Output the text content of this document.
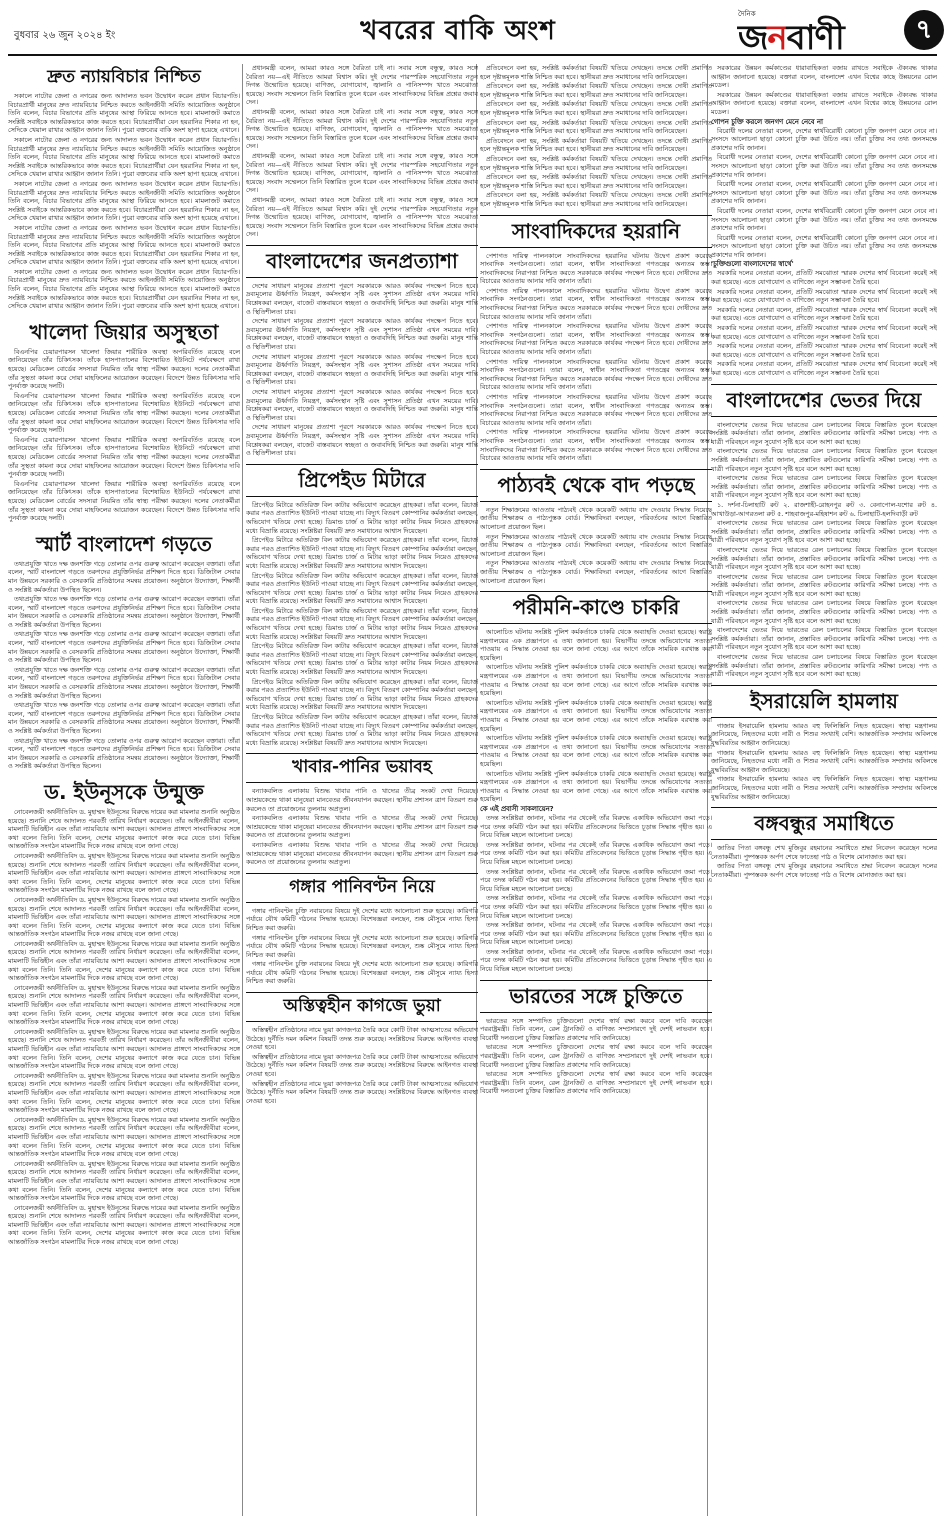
বুধবার ২৬ জুন ২০২৪ ইং	খবরের বাকি অংশ
দৈনিক
জনবাণী	৭
দ্রুত ন্যায়বিচার নিশ্চিত

সকালে নাটোর জেলা ও নগরের জন্য আদালত ভবন উদ্বোধন করেন প্রধান বিচারপতি। বিচারপ্রার্থী মানুষের দ্রুত ন্যায়বিচার নিশ্চিত করতে আইনজীবী সমিতি আয়োজিত অনুষ্ঠানে তিনি বলেন, বিচার বিভাগের প্রতি মানুষের আস্থা ফিরিয়ে আনতে হবে। মামলাজট কমাতে সংশ্লিষ্ট সবাইকে আন্তরিকভাবে কাজ করতে হবে। বিচারপ্রার্থীরা যেন হয়রানির শিকার না হন, সেদিকে খেয়াল রাখার আহ্বান জানান তিনি। পুরো বক্তব্যের বাকি অংশ ছাপা হয়েছে এখানে।

সকালে নাটোর জেলা ও নগরের জন্য আদালত ভবন উদ্বোধন করেন প্রধান বিচারপতি। বিচারপ্রার্থী মানুষের দ্রুত ন্যায়বিচার নিশ্চিত করতে আইনজীবী সমিতি আয়োজিত অনুষ্ঠানে তিনি বলেন, বিচার বিভাগের প্রতি মানুষের আস্থা ফিরিয়ে আনতে হবে। মামলাজট কমাতে সংশ্লিষ্ট সবাইকে আন্তরিকভাবে কাজ করতে হবে। বিচারপ্রার্থীরা যেন হয়রানির শিকার না হন, সেদিকে খেয়াল রাখার আহ্বান জানান তিনি। পুরো বক্তব্যের বাকি অংশ ছাপা হয়েছে এখানে।

সকালে নাটোর জেলা ও নগরের জন্য আদালত ভবন উদ্বোধন করেন প্রধান বিচারপতি। বিচারপ্রার্থী মানুষের দ্রুত ন্যায়বিচার নিশ্চিত করতে আইনজীবী সমিতি আয়োজিত অনুষ্ঠানে তিনি বলেন, বিচার বিভাগের প্রতি মানুষের আস্থা ফিরিয়ে আনতে হবে। মামলাজট কমাতে সংশ্লিষ্ট সবাইকে আন্তরিকভাবে কাজ করতে হবে। বিচারপ্রার্থীরা যেন হয়রানির শিকার না হন, সেদিকে খেয়াল রাখার আহ্বান জানান তিনি। পুরো বক্তব্যের বাকি অংশ ছাপা হয়েছে এখানে।

সকালে নাটোর জেলা ও নগরের জন্য আদালত ভবন উদ্বোধন করেন প্রধান বিচারপতি। বিচারপ্রার্থী মানুষের দ্রুত ন্যায়বিচার নিশ্চিত করতে আইনজীবী সমিতি আয়োজিত অনুষ্ঠানে তিনি বলেন, বিচার বিভাগের প্রতি মানুষের আস্থা ফিরিয়ে আনতে হবে। মামলাজট কমাতে সংশ্লিষ্ট সবাইকে আন্তরিকভাবে কাজ করতে হবে। বিচারপ্রার্থীরা যেন হয়রানির শিকার না হন, সেদিকে খেয়াল রাখার আহ্বান জানান তিনি। পুরো বক্তব্যের বাকি অংশ ছাপা হয়েছে এখানে।

সকালে নাটোর জেলা ও নগরের জন্য আদালত ভবন উদ্বোধন করেন প্রধান বিচারপতি। বিচারপ্রার্থী মানুষের দ্রুত ন্যায়বিচার নিশ্চিত করতে আইনজীবী সমিতি আয়োজিত অনুষ্ঠানে তিনি বলেন, বিচার বিভাগের প্রতি মানুষের আস্থা ফিরিয়ে আনতে হবে। মামলাজট কমাতে সংশ্লিষ্ট সবাইকে আন্তরিকভাবে কাজ করতে হবে। বিচারপ্রার্থীরা যেন হয়রানির শিকার না হন, সেদিকে খেয়াল রাখার আহ্বান জানান তিনি। পুরো বক্তব্যের বাকি অংশ ছাপা হয়েছে এখানে।

খালেদা জিয়ার অসুস্থতা

বিএনপির চেয়ারপারসন খালেদা জিয়ার শারীরিক অবস্থা অপরিবর্তিত রয়েছে বলে জানিয়েছেন তাঁর চিকিৎসক। তাঁকে হাসপাতালের বিশেষায়িত ইউনিটে পর্যবেক্ষণে রাখা হয়েছে। মেডিকেল বোর্ডের সদস্যরা নিয়মিত তাঁর স্বাস্থ্য পরীক্ষা করছেন। দলের নেতাকর্মীরা তাঁর সুস্থতা কামনা করে দোয়া মাহফিলের আয়োজন করেছেন। বিদেশে উন্নত চিকিৎসার দাবি পুনর্ব্যক্ত করেছে দলটি।

বিএনপির চেয়ারপারসন খালেদা জিয়ার শারীরিক অবস্থা অপরিবর্তিত রয়েছে বলে জানিয়েছেন তাঁর চিকিৎসক। তাঁকে হাসপাতালের বিশেষায়িত ইউনিটে পর্যবেক্ষণে রাখা হয়েছে। মেডিকেল বোর্ডের সদস্যরা নিয়মিত তাঁর স্বাস্থ্য পরীক্ষা করছেন। দলের নেতাকর্মীরা তাঁর সুস্থতা কামনা করে দোয়া মাহফিলের আয়োজন করেছেন। বিদেশে উন্নত চিকিৎসার দাবি পুনর্ব্যক্ত করেছে দলটি।

বিএনপির চেয়ারপারসন খালেদা জিয়ার শারীরিক অবস্থা অপরিবর্তিত রয়েছে বলে জানিয়েছেন তাঁর চিকিৎসক। তাঁকে হাসপাতালের বিশেষায়িত ইউনিটে পর্যবেক্ষণে রাখা হয়েছে। মেডিকেল বোর্ডের সদস্যরা নিয়মিত তাঁর স্বাস্থ্য পরীক্ষা করছেন। দলের নেতাকর্মীরা তাঁর সুস্থতা কামনা করে দোয়া মাহফিলের আয়োজন করেছেন। বিদেশে উন্নত চিকিৎসার দাবি পুনর্ব্যক্ত করেছে দলটি।

বিএনপির চেয়ারপারসন খালেদা জিয়ার শারীরিক অবস্থা অপরিবর্তিত রয়েছে বলে জানিয়েছেন তাঁর চিকিৎসক। তাঁকে হাসপাতালের বিশেষায়িত ইউনিটে পর্যবেক্ষণে রাখা হয়েছে। মেডিকেল বোর্ডের সদস্যরা নিয়মিত তাঁর স্বাস্থ্য পরীক্ষা করছেন। দলের নেতাকর্মীরা তাঁর সুস্থতা কামনা করে দোয়া মাহফিলের আয়োজন করেছেন। বিদেশে উন্নত চিকিৎসার দাবি পুনর্ব্যক্ত করেছে দলটি।

স্মার্ট বাংলাদেশ গড়তে

তথ্যপ্রযুক্তি খাতে দক্ষ জনশক্তি গড়ে তোলার ওপর গুরুত্ব আরোপ করেছেন বক্তারা। তাঁরা বলেন, স্মার্ট বাংলাদেশ গড়তে তরুণদের প্রযুক্তিনির্ভর প্রশিক্ষণ দিতে হবে। ডিজিটাল সেবার মান উন্নয়নে সরকারি ও বেসরকারি প্রতিষ্ঠানের সমন্বয় প্রয়োজন। অনুষ্ঠানে উদ্যোক্তা, শিক্ষার্থী ও সংশ্লিষ্ট কর্মকর্তারা উপস্থিত ছিলেন।

তথ্যপ্রযুক্তি খাতে দক্ষ জনশক্তি গড়ে তোলার ওপর গুরুত্ব আরোপ করেছেন বক্তারা। তাঁরা বলেন, স্মার্ট বাংলাদেশ গড়তে তরুণদের প্রযুক্তিনির্ভর প্রশিক্ষণ দিতে হবে। ডিজিটাল সেবার মান উন্নয়নে সরকারি ও বেসরকারি প্রতিষ্ঠানের সমন্বয় প্রয়োজন। অনুষ্ঠানে উদ্যোক্তা, শিক্ষার্থী ও সংশ্লিষ্ট কর্মকর্তারা উপস্থিত ছিলেন।

তথ্যপ্রযুক্তি খাতে দক্ষ জনশক্তি গড়ে তোলার ওপর গুরুত্ব আরোপ করেছেন বক্তারা। তাঁরা বলেন, স্মার্ট বাংলাদেশ গড়তে তরুণদের প্রযুক্তিনির্ভর প্রশিক্ষণ দিতে হবে। ডিজিটাল সেবার মান উন্নয়নে সরকারি ও বেসরকারি প্রতিষ্ঠানের সমন্বয় প্রয়োজন। অনুষ্ঠানে উদ্যোক্তা, শিক্ষার্থী ও সংশ্লিষ্ট কর্মকর্তারা উপস্থিত ছিলেন।

তথ্যপ্রযুক্তি খাতে দক্ষ জনশক্তি গড়ে তোলার ওপর গুরুত্ব আরোপ করেছেন বক্তারা। তাঁরা বলেন, স্মার্ট বাংলাদেশ গড়তে তরুণদের প্রযুক্তিনির্ভর প্রশিক্ষণ দিতে হবে। ডিজিটাল সেবার মান উন্নয়নে সরকারি ও বেসরকারি প্রতিষ্ঠানের সমন্বয় প্রয়োজন। অনুষ্ঠানে উদ্যোক্তা, শিক্ষার্থী ও সংশ্লিষ্ট কর্মকর্তারা উপস্থিত ছিলেন।

তথ্যপ্রযুক্তি খাতে দক্ষ জনশক্তি গড়ে তোলার ওপর গুরুত্ব আরোপ করেছেন বক্তারা। তাঁরা বলেন, স্মার্ট বাংলাদেশ গড়তে তরুণদের প্রযুক্তিনির্ভর প্রশিক্ষণ দিতে হবে। ডিজিটাল সেবার মান উন্নয়নে সরকারি ও বেসরকারি প্রতিষ্ঠানের সমন্বয় প্রয়োজন। অনুষ্ঠানে উদ্যোক্তা, শিক্ষার্থী ও সংশ্লিষ্ট কর্মকর্তারা উপস্থিত ছিলেন।

তথ্যপ্রযুক্তি খাতে দক্ষ জনশক্তি গড়ে তোলার ওপর গুরুত্ব আরোপ করেছেন বক্তারা। তাঁরা বলেন, স্মার্ট বাংলাদেশ গড়তে তরুণদের প্রযুক্তিনির্ভর প্রশিক্ষণ দিতে হবে। ডিজিটাল সেবার মান উন্নয়নে সরকারি ও বেসরকারি প্রতিষ্ঠানের সমন্বয় প্রয়োজন। অনুষ্ঠানে উদ্যোক্তা, শিক্ষার্থী ও সংশ্লিষ্ট কর্মকর্তারা উপস্থিত ছিলেন।

ড. ইউনূসকে উন্মুক্ত

নোবেলজয়ী অর্থনীতিবিদ ড. মুহাম্মদ ইউনূসের বিরুদ্ধে দায়ের করা মামলার শুনানি অনুষ্ঠিত হয়েছে। শুনানি শেষে আদালত পরবর্তী তারিখ নির্ধারণ করেছেন। তাঁর আইনজীবীরা বলেন, মামলাটি ভিত্তিহীন এবং তাঁরা ন্যায়বিচার আশা করছেন। আদালত প্রাঙ্গণে সাংবাদিকদের সঙ্গে কথা বলেন তিনি। তিনি বলেন, দেশের মানুষের কল্যাণে কাজ করে যেতে চান। বিভিন্ন আন্তর্জাতিক সংগঠন মামলাটির দিকে নজর রাখছে বলে জানা গেছে।

নোবেলজয়ী অর্থনীতিবিদ ড. মুহাম্মদ ইউনূসের বিরুদ্ধে দায়ের করা মামলার শুনানি অনুষ্ঠিত হয়েছে। শুনানি শেষে আদালত পরবর্তী তারিখ নির্ধারণ করেছেন। তাঁর আইনজীবীরা বলেন, মামলাটি ভিত্তিহীন এবং তাঁরা ন্যায়বিচার আশা করছেন। আদালত প্রাঙ্গণে সাংবাদিকদের সঙ্গে কথা বলেন তিনি। তিনি বলেন, দেশের মানুষের কল্যাণে কাজ করে যেতে চান। বিভিন্ন আন্তর্জাতিক সংগঠন মামলাটির দিকে নজর রাখছে বলে জানা গেছে।

নোবেলজয়ী অর্থনীতিবিদ ড. মুহাম্মদ ইউনূসের বিরুদ্ধে দায়ের করা মামলার শুনানি অনুষ্ঠিত হয়েছে। শুনানি শেষে আদালত পরবর্তী তারিখ নির্ধারণ করেছেন। তাঁর আইনজীবীরা বলেন, মামলাটি ভিত্তিহীন এবং তাঁরা ন্যায়বিচার আশা করছেন। আদালত প্রাঙ্গণে সাংবাদিকদের সঙ্গে কথা বলেন তিনি। তিনি বলেন, দেশের মানুষের কল্যাণে কাজ করে যেতে চান। বিভিন্ন আন্তর্জাতিক সংগঠন মামলাটির দিকে নজর রাখছে বলে জানা গেছে।

নোবেলজয়ী অর্থনীতিবিদ ড. মুহাম্মদ ইউনূসের বিরুদ্ধে দায়ের করা মামলার শুনানি অনুষ্ঠিত হয়েছে। শুনানি শেষে আদালত পরবর্তী তারিখ নির্ধারণ করেছেন। তাঁর আইনজীবীরা বলেন, মামলাটি ভিত্তিহীন এবং তাঁরা ন্যায়বিচার আশা করছেন। আদালত প্রাঙ্গণে সাংবাদিকদের সঙ্গে কথা বলেন তিনি। তিনি বলেন, দেশের মানুষের কল্যাণে কাজ করে যেতে চান। বিভিন্ন আন্তর্জাতিক সংগঠন মামলাটির দিকে নজর রাখছে বলে জানা গেছে।

নোবেলজয়ী অর্থনীতিবিদ ড. মুহাম্মদ ইউনূসের বিরুদ্ধে দায়ের করা মামলার শুনানি অনুষ্ঠিত হয়েছে। শুনানি শেষে আদালত পরবর্তী তারিখ নির্ধারণ করেছেন। তাঁর আইনজীবীরা বলেন, মামলাটি ভিত্তিহীন এবং তাঁরা ন্যায়বিচার আশা করছেন। আদালত প্রাঙ্গণে সাংবাদিকদের সঙ্গে কথা বলেন তিনি। তিনি বলেন, দেশের মানুষের কল্যাণে কাজ করে যেতে চান। বিভিন্ন আন্তর্জাতিক সংগঠন মামলাটির দিকে নজর রাখছে বলে জানা গেছে।

নোবেলজয়ী অর্থনীতিবিদ ড. মুহাম্মদ ইউনূসের বিরুদ্ধে দায়ের করা মামলার শুনানি অনুষ্ঠিত হয়েছে। শুনানি শেষে আদালত পরবর্তী তারিখ নির্ধারণ করেছেন। তাঁর আইনজীবীরা বলেন, মামলাটি ভিত্তিহীন এবং তাঁরা ন্যায়বিচার আশা করছেন। আদালত প্রাঙ্গণে সাংবাদিকদের সঙ্গে কথা বলেন তিনি। তিনি বলেন, দেশের মানুষের কল্যাণে কাজ করে যেতে চান। বিভিন্ন আন্তর্জাতিক সংগঠন মামলাটির দিকে নজর রাখছে বলে জানা গেছে।

নোবেলজয়ী অর্থনীতিবিদ ড. মুহাম্মদ ইউনূসের বিরুদ্ধে দায়ের করা মামলার শুনানি অনুষ্ঠিত হয়েছে। শুনানি শেষে আদালত পরবর্তী তারিখ নির্ধারণ করেছেন। তাঁর আইনজীবীরা বলেন, মামলাটি ভিত্তিহীন এবং তাঁরা ন্যায়বিচার আশা করছেন। আদালত প্রাঙ্গণে সাংবাদিকদের সঙ্গে কথা বলেন তিনি। তিনি বলেন, দেশের মানুষের কল্যাণে কাজ করে যেতে চান। বিভিন্ন আন্তর্জাতিক সংগঠন মামলাটির দিকে নজর রাখছে বলে জানা গেছে।

নোবেলজয়ী অর্থনীতিবিদ ড. মুহাম্মদ ইউনূসের বিরুদ্ধে দায়ের করা মামলার শুনানি অনুষ্ঠিত হয়েছে। শুনানি শেষে আদালত পরবর্তী তারিখ নির্ধারণ করেছেন। তাঁর আইনজীবীরা বলেন, মামলাটি ভিত্তিহীন এবং তাঁরা ন্যায়বিচার আশা করছেন। আদালত প্রাঙ্গণে সাংবাদিকদের সঙ্গে কথা বলেন তিনি। তিনি বলেন, দেশের মানুষের কল্যাণে কাজ করে যেতে চান। বিভিন্ন আন্তর্জাতিক সংগঠন মামলাটির দিকে নজর রাখছে বলে জানা গেছে।

নোবেলজয়ী অর্থনীতিবিদ ড. মুহাম্মদ ইউনূসের বিরুদ্ধে দায়ের করা মামলার শুনানি অনুষ্ঠিত হয়েছে। শুনানি শেষে আদালত পরবর্তী তারিখ নির্ধারণ করেছেন। তাঁর আইনজীবীরা বলেন, মামলাটি ভিত্তিহীন এবং তাঁরা ন্যায়বিচার আশা করছেন। আদালত প্রাঙ্গণে সাংবাদিকদের সঙ্গে কথা বলেন তিনি। তিনি বলেন, দেশের মানুষের কল্যাণে কাজ করে যেতে চান। বিভিন্ন আন্তর্জাতিক সংগঠন মামলাটির দিকে নজর রাখছে বলে জানা গেছে।

নোবেলজয়ী অর্থনীতিবিদ ড. মুহাম্মদ ইউনূসের বিরুদ্ধে দায়ের করা মামলার শুনানি অনুষ্ঠিত হয়েছে। শুনানি শেষে আদালত পরবর্তী তারিখ নির্ধারণ করেছেন। তাঁর আইনজীবীরা বলেন, মামলাটি ভিত্তিহীন এবং তাঁরা ন্যায়বিচার আশা করছেন। আদালত প্রাঙ্গণে সাংবাদিকদের সঙ্গে কথা বলেন তিনি। তিনি বলেন, দেশের মানুষের কল্যাণে কাজ করে যেতে চান। বিভিন্ন আন্তর্জাতিক সংগঠন মামলাটির দিকে নজর রাখছে বলে জানা গেছে।

প্রধানমন্ত্রী বলেন, আমরা কারও সঙ্গে বৈরিতা চাই না। সবার সঙ্গে বন্ধুত্ব, কারও সঙ্গে বৈরিতা নয়—এই নীতিতে আমরা বিশ্বাস করি। দুই দেশের পারস্পরিক সহযোগিতার নতুন দিগন্ত উন্মোচিত হয়েছে। বাণিজ্য, যোগাযোগ, জ্বালানি ও পানিসম্পদ খাতে সমঝোতা হয়েছে। সংবাদ সম্মেলনে তিনি বিস্তারিত তুলে ধরেন এবং সাংবাদিকদের বিভিন্ন প্রশ্নের জবাব দেন।

প্রধানমন্ত্রী বলেন, আমরা কারও সঙ্গে বৈরিতা চাই না। সবার সঙ্গে বন্ধুত্ব, কারও সঙ্গে বৈরিতা নয়—এই নীতিতে আমরা বিশ্বাস করি। দুই দেশের পারস্পরিক সহযোগিতার নতুন দিগন্ত উন্মোচিত হয়েছে। বাণিজ্য, যোগাযোগ, জ্বালানি ও পানিসম্পদ খাতে সমঝোতা হয়েছে। সংবাদ সম্মেলনে তিনি বিস্তারিত তুলে ধরেন এবং সাংবাদিকদের বিভিন্ন প্রশ্নের জবাব দেন।

প্রধানমন্ত্রী বলেন, আমরা কারও সঙ্গে বৈরিতা চাই না। সবার সঙ্গে বন্ধুত্ব, কারও সঙ্গে বৈরিতা নয়—এই নীতিতে আমরা বিশ্বাস করি। দুই দেশের পারস্পরিক সহযোগিতার নতুন দিগন্ত উন্মোচিত হয়েছে। বাণিজ্য, যোগাযোগ, জ্বালানি ও পানিসম্পদ খাতে সমঝোতা হয়েছে। সংবাদ সম্মেলনে তিনি বিস্তারিত তুলে ধরেন এবং সাংবাদিকদের বিভিন্ন প্রশ্নের জবাব দেন।

প্রধানমন্ত্রী বলেন, আমরা কারও সঙ্গে বৈরিতা চাই না। সবার সঙ্গে বন্ধুত্ব, কারও সঙ্গে বৈরিতা নয়—এই নীতিতে আমরা বিশ্বাস করি। দুই দেশের পারস্পরিক সহযোগিতার নতুন দিগন্ত উন্মোচিত হয়েছে। বাণিজ্য, যোগাযোগ, জ্বালানি ও পানিসম্পদ খাতে সমঝোতা হয়েছে। সংবাদ সম্মেলনে তিনি বিস্তারিত তুলে ধরেন এবং সাংবাদিকদের বিভিন্ন প্রশ্নের জবাব দেন।

বাংলাদেশের জনপ্রত্যাশা

দেশের সাধারণ মানুষের প্রত্যাশা পূরণে সরকারকে আরও কার্যকর পদক্ষেপ নিতে হবে। দ্রব্যমূল্যের ঊর্ধ্বগতি নিয়ন্ত্রণ, কর্মসংস্থান সৃষ্টি এবং সুশাসন প্রতিষ্ঠা এখন সময়ের দাবি। বিশ্লেষকরা বলছেন, বাজেট বাস্তবায়নে স্বচ্ছতা ও জবাবদিহি নিশ্চিত করা জরুরি। মানুষ শান্তি ও স্থিতিশীলতা চায়।

দেশের সাধারণ মানুষের প্রত্যাশা পূরণে সরকারকে আরও কার্যকর পদক্ষেপ নিতে হবে। দ্রব্যমূল্যের ঊর্ধ্বগতি নিয়ন্ত্রণ, কর্মসংস্থান সৃষ্টি এবং সুশাসন প্রতিষ্ঠা এখন সময়ের দাবি। বিশ্লেষকরা বলছেন, বাজেট বাস্তবায়নে স্বচ্ছতা ও জবাবদিহি নিশ্চিত করা জরুরি। মানুষ শান্তি ও স্থিতিশীলতা চায়।

দেশের সাধারণ মানুষের প্রত্যাশা পূরণে সরকারকে আরও কার্যকর পদক্ষেপ নিতে হবে। দ্রব্যমূল্যের ঊর্ধ্বগতি নিয়ন্ত্রণ, কর্মসংস্থান সৃষ্টি এবং সুশাসন প্রতিষ্ঠা এখন সময়ের দাবি। বিশ্লেষকরা বলছেন, বাজেট বাস্তবায়নে স্বচ্ছতা ও জবাবদিহি নিশ্চিত করা জরুরি। মানুষ শান্তি ও স্থিতিশীলতা চায়।

দেশের সাধারণ মানুষের প্রত্যাশা পূরণে সরকারকে আরও কার্যকর পদক্ষেপ নিতে হবে। দ্রব্যমূল্যের ঊর্ধ্বগতি নিয়ন্ত্রণ, কর্মসংস্থান সৃষ্টি এবং সুশাসন প্রতিষ্ঠা এখন সময়ের দাবি। বিশ্লেষকরা বলছেন, বাজেট বাস্তবায়নে স্বচ্ছতা ও জবাবদিহি নিশ্চিত করা জরুরি। মানুষ শান্তি ও স্থিতিশীলতা চায়।

দেশের সাধারণ মানুষের প্রত্যাশা পূরণে সরকারকে আরও কার্যকর পদক্ষেপ নিতে হবে। দ্রব্যমূল্যের ঊর্ধ্বগতি নিয়ন্ত্রণ, কর্মসংস্থান সৃষ্টি এবং সুশাসন প্রতিষ্ঠা এখন সময়ের দাবি। বিশ্লেষকরা বলছেন, বাজেট বাস্তবায়নে স্বচ্ছতা ও জবাবদিহি নিশ্চিত করা জরুরি। মানুষ শান্তি ও স্থিতিশীলতা চায়।

প্রিপেইড মিটারে

প্রিপেইড মিটারে অতিরিক্ত বিল কাটার অভিযোগ করেছেন গ্রাহকরা। তাঁরা বলেন, রিচার্জ করার পরও প্রত্যাশিত ইউনিট পাওয়া যাচ্ছে না। বিদ্যুৎ বিতরণ কোম্পানির কর্মকর্তারা বলছেন, অভিযোগ খতিয়ে দেখা হচ্ছে। ডিমান্ড চার্জ ও মিটার ভাড়া কাটার নিয়ম নিয়েও গ্রাহকদের মধ্যে বিভ্রান্তি রয়েছে। সংশ্লিষ্টরা বিষয়টি দ্রুত সমাধানের আশ্বাস দিয়েছেন।

প্রিপেইড মিটারে অতিরিক্ত বিল কাটার অভিযোগ করেছেন গ্রাহকরা। তাঁরা বলেন, রিচার্জ করার পরও প্রত্যাশিত ইউনিট পাওয়া যাচ্ছে না। বিদ্যুৎ বিতরণ কোম্পানির কর্মকর্তারা বলছেন, অভিযোগ খতিয়ে দেখা হচ্ছে। ডিমান্ড চার্জ ও মিটার ভাড়া কাটার নিয়ম নিয়েও গ্রাহকদের মধ্যে বিভ্রান্তি রয়েছে। সংশ্লিষ্টরা বিষয়টি দ্রুত সমাধানের আশ্বাস দিয়েছেন।

প্রিপেইড মিটারে অতিরিক্ত বিল কাটার অভিযোগ করেছেন গ্রাহকরা। তাঁরা বলেন, রিচার্জ করার পরও প্রত্যাশিত ইউনিট পাওয়া যাচ্ছে না। বিদ্যুৎ বিতরণ কোম্পানির কর্মকর্তারা বলছেন, অভিযোগ খতিয়ে দেখা হচ্ছে। ডিমান্ড চার্জ ও মিটার ভাড়া কাটার নিয়ম নিয়েও গ্রাহকদের মধ্যে বিভ্রান্তি রয়েছে। সংশ্লিষ্টরা বিষয়টি দ্রুত সমাধানের আশ্বাস দিয়েছেন।

প্রিপেইড মিটারে অতিরিক্ত বিল কাটার অভিযোগ করেছেন গ্রাহকরা। তাঁরা বলেন, রিচার্জ করার পরও প্রত্যাশিত ইউনিট পাওয়া যাচ্ছে না। বিদ্যুৎ বিতরণ কোম্পানির কর্মকর্তারা বলছেন, অভিযোগ খতিয়ে দেখা হচ্ছে। ডিমান্ড চার্জ ও মিটার ভাড়া কাটার নিয়ম নিয়েও গ্রাহকদের মধ্যে বিভ্রান্তি রয়েছে। সংশ্লিষ্টরা বিষয়টি দ্রুত সমাধানের আশ্বাস দিয়েছেন।

প্রিপেইড মিটারে অতিরিক্ত বিল কাটার অভিযোগ করেছেন গ্রাহকরা। তাঁরা বলেন, রিচার্জ করার পরও প্রত্যাশিত ইউনিট পাওয়া যাচ্ছে না। বিদ্যুৎ বিতরণ কোম্পানির কর্মকর্তারা বলছেন, অভিযোগ খতিয়ে দেখা হচ্ছে। ডিমান্ড চার্জ ও মিটার ভাড়া কাটার নিয়ম নিয়েও গ্রাহকদের মধ্যে বিভ্রান্তি রয়েছে। সংশ্লিষ্টরা বিষয়টি দ্রুত সমাধানের আশ্বাস দিয়েছেন।

প্রিপেইড মিটারে অতিরিক্ত বিল কাটার অভিযোগ করেছেন গ্রাহকরা। তাঁরা বলেন, রিচার্জ করার পরও প্রত্যাশিত ইউনিট পাওয়া যাচ্ছে না। বিদ্যুৎ বিতরণ কোম্পানির কর্মকর্তারা বলছেন, অভিযোগ খতিয়ে দেখা হচ্ছে। ডিমান্ড চার্জ ও মিটার ভাড়া কাটার নিয়ম নিয়েও গ্রাহকদের মধ্যে বিভ্রান্তি রয়েছে। সংশ্লিষ্টরা বিষয়টি দ্রুত সমাধানের আশ্বাস দিয়েছেন।

প্রিপেইড মিটারে অতিরিক্ত বিল কাটার অভিযোগ করেছেন গ্রাহকরা। তাঁরা বলেন, রিচার্জ করার পরও প্রত্যাশিত ইউনিট পাওয়া যাচ্ছে না। বিদ্যুৎ বিতরণ কোম্পানির কর্মকর্তারা বলছেন, অভিযোগ খতিয়ে দেখা হচ্ছে। ডিমান্ড চার্জ ও মিটার ভাড়া কাটার নিয়ম নিয়েও গ্রাহকদের মধ্যে বিভ্রান্তি রয়েছে। সংশ্লিষ্টরা বিষয়টি দ্রুত সমাধানের আশ্বাস দিয়েছেন।

খাবার-পানির ভয়াবহ

বন্যাকবলিত এলাকায় বিশুদ্ধ খাবার পানি ও খাদ্যের তীব্র সংকট দেখা দিয়েছে। আশ্রয়কেন্দ্রে থাকা মানুষেরা মানবেতর জীবনযাপন করছেন। স্থানীয় প্রশাসন ত্রাণ বিতরণ শুরু করলেও তা প্রয়োজনের তুলনায় অপ্রতুল।

বন্যাকবলিত এলাকায় বিশুদ্ধ খাবার পানি ও খাদ্যের তীব্র সংকট দেখা দিয়েছে। আশ্রয়কেন্দ্রে থাকা মানুষেরা মানবেতর জীবনযাপন করছেন। স্থানীয় প্রশাসন ত্রাণ বিতরণ শুরু করলেও তা প্রয়োজনের তুলনায় অপ্রতুল।

বন্যাকবলিত এলাকায় বিশুদ্ধ খাবার পানি ও খাদ্যের তীব্র সংকট দেখা দিয়েছে। আশ্রয়কেন্দ্রে থাকা মানুষেরা মানবেতর জীবনযাপন করছেন। স্থানীয় প্রশাসন ত্রাণ বিতরণ শুরু করলেও তা প্রয়োজনের তুলনায় অপ্রতুল।

গঙ্গার পানিবণ্টন নিয়ে

গঙ্গার পানিবণ্টন চুক্তি নবায়নের বিষয়ে দুই দেশের মধ্যে আলোচনা শুরু হয়েছে। কারিগরি পর্যায়ে যৌথ কমিটি গঠনের সিদ্ধান্ত হয়েছে। বিশেষজ্ঞরা বলছেন, শুষ্ক মৌসুমে ন্যায্য হিস্যা নিশ্চিত করা জরুরি।

গঙ্গার পানিবণ্টন চুক্তি নবায়নের বিষয়ে দুই দেশের মধ্যে আলোচনা শুরু হয়েছে। কারিগরি পর্যায়ে যৌথ কমিটি গঠনের সিদ্ধান্ত হয়েছে। বিশেষজ্ঞরা বলছেন, শুষ্ক মৌসুমে ন্যায্য হিস্যা নিশ্চিত করা জরুরি।

গঙ্গার পানিবণ্টন চুক্তি নবায়নের বিষয়ে দুই দেশের মধ্যে আলোচনা শুরু হয়েছে। কারিগরি পর্যায়ে যৌথ কমিটি গঠনের সিদ্ধান্ত হয়েছে। বিশেষজ্ঞরা বলছেন, শুষ্ক মৌসুমে ন্যায্য হিস্যা নিশ্চিত করা জরুরি।

অস্তিত্বহীন কাগজে ভুয়া

অস্তিত্বহীন প্রতিষ্ঠানের নামে ভুয়া কাগজপত্র তৈরি করে কোটি টাকা আত্মসাতের অভিযোগ উঠেছে। দুর্নীতি দমন কমিশন বিষয়টি তদন্ত শুরু করেছে। সংশ্লিষ্টদের বিরুদ্ধে আইনগত ব্যবস্থা নেওয়া হবে।

অস্তিত্বহীন প্রতিষ্ঠানের নামে ভুয়া কাগজপত্র তৈরি করে কোটি টাকা আত্মসাতের অভিযোগ উঠেছে। দুর্নীতি দমন কমিশন বিষয়টি তদন্ত শুরু করেছে। সংশ্লিষ্টদের বিরুদ্ধে আইনগত ব্যবস্থা নেওয়া হবে।

অস্তিত্বহীন প্রতিষ্ঠানের নামে ভুয়া কাগজপত্র তৈরি করে কোটি টাকা আত্মসাতের অভিযোগ উঠেছে। দুর্নীতি দমন কমিশন বিষয়টি তদন্ত শুরু করেছে। সংশ্লিষ্টদের বিরুদ্ধে আইনগত ব্যবস্থা নেওয়া হবে।

প্রতিবেদনে বলা হয়, সংশ্লিষ্ট কর্মকর্তারা বিষয়টি খতিয়ে দেখছেন। তদন্তে দোষী প্রমাণিত হলে দৃষ্টান্তমূলক শাস্তি নিশ্চিত করা হবে। স্থানীয়রা দ্রুত সমাধানের দাবি জানিয়েছেন।

প্রতিবেদনে বলা হয়, সংশ্লিষ্ট কর্মকর্তারা বিষয়টি খতিয়ে দেখছেন। তদন্তে দোষী প্রমাণিত হলে দৃষ্টান্তমূলক শাস্তি নিশ্চিত করা হবে। স্থানীয়রা দ্রুত সমাধানের দাবি জানিয়েছেন।

প্রতিবেদনে বলা হয়, সংশ্লিষ্ট কর্মকর্তারা বিষয়টি খতিয়ে দেখছেন। তদন্তে দোষী প্রমাণিত হলে দৃষ্টান্তমূলক শাস্তি নিশ্চিত করা হবে। স্থানীয়রা দ্রুত সমাধানের দাবি জানিয়েছেন।

প্রতিবেদনে বলা হয়, সংশ্লিষ্ট কর্মকর্তারা বিষয়টি খতিয়ে দেখছেন। তদন্তে দোষী প্রমাণিত হলে দৃষ্টান্তমূলক শাস্তি নিশ্চিত করা হবে। স্থানীয়রা দ্রুত সমাধানের দাবি জানিয়েছেন।

প্রতিবেদনে বলা হয়, সংশ্লিষ্ট কর্মকর্তারা বিষয়টি খতিয়ে দেখছেন। তদন্তে দোষী প্রমাণিত হলে দৃষ্টান্তমূলক শাস্তি নিশ্চিত করা হবে। স্থানীয়রা দ্রুত সমাধানের দাবি জানিয়েছেন।

প্রতিবেদনে বলা হয়, সংশ্লিষ্ট কর্মকর্তারা বিষয়টি খতিয়ে দেখছেন। তদন্তে দোষী প্রমাণিত হলে দৃষ্টান্তমূলক শাস্তি নিশ্চিত করা হবে। স্থানীয়রা দ্রুত সমাধানের দাবি জানিয়েছেন।

প্রতিবেদনে বলা হয়, সংশ্লিষ্ট কর্মকর্তারা বিষয়টি খতিয়ে দেখছেন। তদন্তে দোষী প্রমাণিত হলে দৃষ্টান্তমূলক শাস্তি নিশ্চিত করা হবে। স্থানীয়রা দ্রুত সমাধানের দাবি জানিয়েছেন।

প্রতিবেদনে বলা হয়, সংশ্লিষ্ট কর্মকর্তারা বিষয়টি খতিয়ে দেখছেন। তদন্তে দোষী প্রমাণিত হলে দৃষ্টান্তমূলক শাস্তি নিশ্চিত করা হবে। স্থানীয়রা দ্রুত সমাধানের দাবি জানিয়েছেন।

সাংবাদিকদের হয়রানি

পেশাগত দায়িত্ব পালনকালে সাংবাদিকদের হয়রানির ঘটনায় উদ্বেগ প্রকাশ করেছে সাংবাদিক সংগঠনগুলো। তারা বলেন, স্বাধীন সাংবাদিকতা গণতন্ত্রের অন্যতম স্তম্ভ। সাংবাদিকদের নিরাপত্তা নিশ্চিত করতে সরকারকে কার্যকর পদক্ষেপ নিতে হবে। দোষীদের দ্রুত বিচারের আওতায় আনার দাবি জানান তাঁরা।

পেশাগত দায়িত্ব পালনকালে সাংবাদিকদের হয়রানির ঘটনায় উদ্বেগ প্রকাশ করেছে সাংবাদিক সংগঠনগুলো। তারা বলেন, স্বাধীন সাংবাদিকতা গণতন্ত্রের অন্যতম স্তম্ভ। সাংবাদিকদের নিরাপত্তা নিশ্চিত করতে সরকারকে কার্যকর পদক্ষেপ নিতে হবে। দোষীদের দ্রুত বিচারের আওতায় আনার দাবি জানান তাঁরা।

পেশাগত দায়িত্ব পালনকালে সাংবাদিকদের হয়রানির ঘটনায় উদ্বেগ প্রকাশ করেছে সাংবাদিক সংগঠনগুলো। তারা বলেন, স্বাধীন সাংবাদিকতা গণতন্ত্রের অন্যতম স্তম্ভ। সাংবাদিকদের নিরাপত্তা নিশ্চিত করতে সরকারকে কার্যকর পদক্ষেপ নিতে হবে। দোষীদের দ্রুত বিচারের আওতায় আনার দাবি জানান তাঁরা।

পেশাগত দায়িত্ব পালনকালে সাংবাদিকদের হয়রানির ঘটনায় উদ্বেগ প্রকাশ করেছে সাংবাদিক সংগঠনগুলো। তারা বলেন, স্বাধীন সাংবাদিকতা গণতন্ত্রের অন্যতম স্তম্ভ। সাংবাদিকদের নিরাপত্তা নিশ্চিত করতে সরকারকে কার্যকর পদক্ষেপ নিতে হবে। দোষীদের দ্রুত বিচারের আওতায় আনার দাবি জানান তাঁরা।

পেশাগত দায়িত্ব পালনকালে সাংবাদিকদের হয়রানির ঘটনায় উদ্বেগ প্রকাশ করেছে সাংবাদিক সংগঠনগুলো। তারা বলেন, স্বাধীন সাংবাদিকতা গণতন্ত্রের অন্যতম স্তম্ভ। সাংবাদিকদের নিরাপত্তা নিশ্চিত করতে সরকারকে কার্যকর পদক্ষেপ নিতে হবে। দোষীদের দ্রুত বিচারের আওতায় আনার দাবি জানান তাঁরা।

পেশাগত দায়িত্ব পালনকালে সাংবাদিকদের হয়রানির ঘটনায় উদ্বেগ প্রকাশ করেছে সাংবাদিক সংগঠনগুলো। তারা বলেন, স্বাধীন সাংবাদিকতা গণতন্ত্রের অন্যতম স্তম্ভ। সাংবাদিকদের নিরাপত্তা নিশ্চিত করতে সরকারকে কার্যকর পদক্ষেপ নিতে হবে। দোষীদের দ্রুত বিচারের আওতায় আনার দাবি জানান তাঁরা।

পাঠ্যবই থেকে বাদ পড়ছে

নতুন শিক্ষাক্রমের আওতায় পাঠ্যবই থেকে কয়েকটি অধ্যায় বাদ দেওয়ার সিদ্ধান্ত নিয়েছে জাতীয় শিক্ষাক্রম ও পাঠ্যপুস্তক বোর্ড। শিক্ষাবিদরা বলছেন, পরিবর্তনের আগে বিস্তারিত আলোচনা প্রয়োজন ছিল।

নতুন শিক্ষাক্রমের আওতায় পাঠ্যবই থেকে কয়েকটি অধ্যায় বাদ দেওয়ার সিদ্ধান্ত নিয়েছে জাতীয় শিক্ষাক্রম ও পাঠ্যপুস্তক বোর্ড। শিক্ষাবিদরা বলছেন, পরিবর্তনের আগে বিস্তারিত আলোচনা প্রয়োজন ছিল।

নতুন শিক্ষাক্রমের আওতায় পাঠ্যবই থেকে কয়েকটি অধ্যায় বাদ দেওয়ার সিদ্ধান্ত নিয়েছে জাতীয় শিক্ষাক্রম ও পাঠ্যপুস্তক বোর্ড। শিক্ষাবিদরা বলছেন, পরিবর্তনের আগে বিস্তারিত আলোচনা প্রয়োজন ছিল।

পরীমনি-কাণ্ডে চাকরি

আলোচিত ঘটনায় সংশ্লিষ্ট পুলিশ কর্মকর্তাকে চাকরি থেকে অব্যাহতি দেওয়া হয়েছে। স্বরাষ্ট্র মন্ত্রণালয়ের এক প্রজ্ঞাপনে এ তথ্য জানানো হয়। বিভাগীয় তদন্তে অভিযোগের সত্যতা পাওয়ায় এ সিদ্ধান্ত নেওয়া হয় বলে জানা গেছে। এর আগে তাঁকে সাময়িক বরখাস্ত করা হয়েছিল।

আলোচিত ঘটনায় সংশ্লিষ্ট পুলিশ কর্মকর্তাকে চাকরি থেকে অব্যাহতি দেওয়া হয়েছে। স্বরাষ্ট্র মন্ত্রণালয়ের এক প্রজ্ঞাপনে এ তথ্য জানানো হয়। বিভাগীয় তদন্তে অভিযোগের সত্যতা পাওয়ায় এ সিদ্ধান্ত নেওয়া হয় বলে জানা গেছে। এর আগে তাঁকে সাময়িক বরখাস্ত করা হয়েছিল।

আলোচিত ঘটনায় সংশ্লিষ্ট পুলিশ কর্মকর্তাকে চাকরি থেকে অব্যাহতি দেওয়া হয়েছে। স্বরাষ্ট্র মন্ত্রণালয়ের এক প্রজ্ঞাপনে এ তথ্য জানানো হয়। বিভাগীয় তদন্তে অভিযোগের সত্যতা পাওয়ায় এ সিদ্ধান্ত নেওয়া হয় বলে জানা গেছে। এর আগে তাঁকে সাময়িক বরখাস্ত করা হয়েছিল।

আলোচিত ঘটনায় সংশ্লিষ্ট পুলিশ কর্মকর্তাকে চাকরি থেকে অব্যাহতি দেওয়া হয়েছে। স্বরাষ্ট্র মন্ত্রণালয়ের এক প্রজ্ঞাপনে এ তথ্য জানানো হয়। বিভাগীয় তদন্তে অভিযোগের সত্যতা পাওয়ায় এ সিদ্ধান্ত নেওয়া হয় বলে জানা গেছে। এর আগে তাঁকে সাময়িক বরখাস্ত করা হয়েছিল।

আলোচিত ঘটনায় সংশ্লিষ্ট পুলিশ কর্মকর্তাকে চাকরি থেকে অব্যাহতি দেওয়া হয়েছে। স্বরাষ্ট্র মন্ত্রণালয়ের এক প্রজ্ঞাপনে এ তথ্য জানানো হয়। বিভাগীয় তদন্তে অভিযোগের সত্যতা পাওয়ায় এ সিদ্ধান্ত নেওয়া হয় বলে জানা গেছে। এর আগে তাঁকে সাময়িক বরখাস্ত করা হয়েছিল।

কে এই প্রবাসী সাকলায়েন?

তদন্ত সংশ্লিষ্টরা জানান, ঘটনার পর থেকেই তাঁর বিরুদ্ধে একাধিক অভিযোগ জমা পড়ে। পরে তদন্ত কমিটি গঠন করা হয়। কমিটির প্রতিবেদনের ভিত্তিতে চূড়ান্ত সিদ্ধান্ত গৃহীত হয়। এ নিয়ে বিভিন্ন মহলে আলোচনা চলছে।

তদন্ত সংশ্লিষ্টরা জানান, ঘটনার পর থেকেই তাঁর বিরুদ্ধে একাধিক অভিযোগ জমা পড়ে। পরে তদন্ত কমিটি গঠন করা হয়। কমিটির প্রতিবেদনের ভিত্তিতে চূড়ান্ত সিদ্ধান্ত গৃহীত হয়। এ নিয়ে বিভিন্ন মহলে আলোচনা চলছে।

তদন্ত সংশ্লিষ্টরা জানান, ঘটনার পর থেকেই তাঁর বিরুদ্ধে একাধিক অভিযোগ জমা পড়ে। পরে তদন্ত কমিটি গঠন করা হয়। কমিটির প্রতিবেদনের ভিত্তিতে চূড়ান্ত সিদ্ধান্ত গৃহীত হয়। এ নিয়ে বিভিন্ন মহলে আলোচনা চলছে।

তদন্ত সংশ্লিষ্টরা জানান, ঘটনার পর থেকেই তাঁর বিরুদ্ধে একাধিক অভিযোগ জমা পড়ে। পরে তদন্ত কমিটি গঠন করা হয়। কমিটির প্রতিবেদনের ভিত্তিতে চূড়ান্ত সিদ্ধান্ত গৃহীত হয়। এ নিয়ে বিভিন্ন মহলে আলোচনা চলছে।

তদন্ত সংশ্লিষ্টরা জানান, ঘটনার পর থেকেই তাঁর বিরুদ্ধে একাধিক অভিযোগ জমা পড়ে। পরে তদন্ত কমিটি গঠন করা হয়। কমিটির প্রতিবেদনের ভিত্তিতে চূড়ান্ত সিদ্ধান্ত গৃহীত হয়। এ নিয়ে বিভিন্ন মহলে আলোচনা চলছে।

তদন্ত সংশ্লিষ্টরা জানান, ঘটনার পর থেকেই তাঁর বিরুদ্ধে একাধিক অভিযোগ জমা পড়ে। পরে তদন্ত কমিটি গঠন করা হয়। কমিটির প্রতিবেদনের ভিত্তিতে চূড়ান্ত সিদ্ধান্ত গৃহীত হয়। এ নিয়ে বিভিন্ন মহলে আলোচনা চলছে।

ভারতের সঙ্গে চুক্তিতে

ভারতের সঙ্গে সম্পাদিত চুক্তিগুলো দেশের স্বার্থ রক্ষা করবে বলে দাবি করেছেন পররাষ্ট্রমন্ত্রী। তিনি বলেন, রেল ট্রানজিট ও বাণিজ্য সম্প্রসারণে দুই দেশই লাভবান হবে। বিরোধী দলগুলো চুক্তির বিস্তারিত প্রকাশের দাবি জানিয়েছে।

ভারতের সঙ্গে সম্পাদিত চুক্তিগুলো দেশের স্বার্থ রক্ষা করবে বলে দাবি করেছেন পররাষ্ট্রমন্ত্রী। তিনি বলেন, রেল ট্রানজিট ও বাণিজ্য সম্প্রসারণে দুই দেশই লাভবান হবে। বিরোধী দলগুলো চুক্তির বিস্তারিত প্রকাশের দাবি জানিয়েছে।

ভারতের সঙ্গে সম্পাদিত চুক্তিগুলো দেশের স্বার্থ রক্ষা করবে বলে দাবি করেছেন পররাষ্ট্রমন্ত্রী। তিনি বলেন, রেল ট্রানজিট ও বাণিজ্য সম্প্রসারণে দুই দেশই লাভবান হবে। বিরোধী দলগুলো চুক্তির বিস্তারিত প্রকাশের দাবি জানিয়েছে।

সরকারের উন্নয়ন কর্মকাণ্ডের ধারাবাহিকতা বজায় রাখতে সবাইকে ঐক্যবদ্ধ থাকার আহ্বান জানানো হয়েছে। বক্তারা বলেন, বাংলাদেশ এখন বিশ্বের কাছে উন্নয়নের রোল মডেল।

সরকারের উন্নয়ন কর্মকাণ্ডের ধারাবাহিকতা বজায় রাখতে সবাইকে ঐক্যবদ্ধ থাকার আহ্বান জানানো হয়েছে। বক্তারা বলেন, বাংলাদেশ এখন বিশ্বের কাছে উন্নয়নের রোল মডেল।

গোপন চুক্তি করলে জনগণ মেনে নেবে না

বিরোধী দলের নেতারা বলেন, দেশের স্বার্থবিরোধী কোনো চুক্তি জনগণ মেনে নেবে না। সংসদে আলোচনা ছাড়া কোনো চুক্তি করা উচিত নয়। তাঁরা চুক্তির সব তথ্য জনসমক্ষে প্রকাশের দাবি জানান।

বিরোধী দলের নেতারা বলেন, দেশের স্বার্থবিরোধী কোনো চুক্তি জনগণ মেনে নেবে না। সংসদে আলোচনা ছাড়া কোনো চুক্তি করা উচিত নয়। তাঁরা চুক্তির সব তথ্য জনসমক্ষে প্রকাশের দাবি জানান।

বিরোধী দলের নেতারা বলেন, দেশের স্বার্থবিরোধী কোনো চুক্তি জনগণ মেনে নেবে না। সংসদে আলোচনা ছাড়া কোনো চুক্তি করা উচিত নয়। তাঁরা চুক্তির সব তথ্য জনসমক্ষে প্রকাশের দাবি জানান।

বিরোধী দলের নেতারা বলেন, দেশের স্বার্থবিরোধী কোনো চুক্তি জনগণ মেনে নেবে না। সংসদে আলোচনা ছাড়া কোনো চুক্তি করা উচিত নয়। তাঁরা চুক্তির সব তথ্য জনসমক্ষে প্রকাশের দাবি জানান।

বিরোধী দলের নেতারা বলেন, দেশের স্বার্থবিরোধী কোনো চুক্তি জনগণ মেনে নেবে না। সংসদে আলোচনা ছাড়া কোনো চুক্তি করা উচিত নয়। তাঁরা চুক্তির সব তথ্য জনসমক্ষে প্রকাশের দাবি জানান।

'চুক্তিগুলো বাংলাদেশের স্বার্থে'

সরকারি দলের নেতারা বলেন, প্রতিটি সমঝোতা স্মারক দেশের স্বার্থ বিবেচনা করেই সই করা হয়েছে। এতে যোগাযোগ ও বাণিজ্যে নতুন সম্ভাবনা তৈরি হবে।

সরকারি দলের নেতারা বলেন, প্রতিটি সমঝোতা স্মারক দেশের স্বার্থ বিবেচনা করেই সই করা হয়েছে। এতে যোগাযোগ ও বাণিজ্যে নতুন সম্ভাবনা তৈরি হবে।

সরকারি দলের নেতারা বলেন, প্রতিটি সমঝোতা স্মারক দেশের স্বার্থ বিবেচনা করেই সই করা হয়েছে। এতে যোগাযোগ ও বাণিজ্যে নতুন সম্ভাবনা তৈরি হবে।

সরকারি দলের নেতারা বলেন, প্রতিটি সমঝোতা স্মারক দেশের স্বার্থ বিবেচনা করেই সই করা হয়েছে। এতে যোগাযোগ ও বাণিজ্যে নতুন সম্ভাবনা তৈরি হবে।

সরকারি দলের নেতারা বলেন, প্রতিটি সমঝোতা স্মারক দেশের স্বার্থ বিবেচনা করেই সই করা হয়েছে। এতে যোগাযোগ ও বাণিজ্যে নতুন সম্ভাবনা তৈরি হবে।

সরকারি দলের নেতারা বলেন, প্রতিটি সমঝোতা স্মারক দেশের স্বার্থ বিবেচনা করেই সই করা হয়েছে। এতে যোগাযোগ ও বাণিজ্যে নতুন সম্ভাবনা তৈরি হবে।

বাংলাদেশের ভেতর দিয়ে

বাংলাদেশের ভেতর দিয়ে ভারতের রেল চলাচলের বিষয়ে বিস্তারিত তুলে ধরেছেন সংশ্লিষ্ট কর্মকর্তারা। তাঁরা জানান, প্রস্তাবিত রুটগুলোর কারিগরি সমীক্ষা চলছে। পণ্য ও যাত্রী পরিবহনে নতুন সুযোগ সৃষ্টি হবে বলে আশা করা হচ্ছে।

বাংলাদেশের ভেতর দিয়ে ভারতের রেল চলাচলের বিষয়ে বিস্তারিত তুলে ধরেছেন সংশ্লিষ্ট কর্মকর্তারা। তাঁরা জানান, প্রস্তাবিত রুটগুলোর কারিগরি সমীক্ষা চলছে। পণ্য ও যাত্রী পরিবহনে নতুন সুযোগ সৃষ্টি হবে বলে আশা করা হচ্ছে।

বাংলাদেশের ভেতর দিয়ে ভারতের রেল চলাচলের বিষয়ে বিস্তারিত তুলে ধরেছেন সংশ্লিষ্ট কর্মকর্তারা। তাঁরা জানান, প্রস্তাবিত রুটগুলোর কারিগরি সমীক্ষা চলছে। পণ্য ও যাত্রী পরিবহনে নতুন সুযোগ সৃষ্টি হবে বলে আশা করা হচ্ছে।

১. দর্শনা-চিলাহাটি রুট ২. রাজশাহী-রোহনপুর রুট ৩. বেনাপোল-যশোর রুট ৪. আখাউড়া-আগরতলা রুট ৫. শাহবাজপুর-মহিষাশন রুট ৬. চিলাহাটি-হলদিবাড়ী রুট

বাংলাদেশের ভেতর দিয়ে ভারতের রেল চলাচলের বিষয়ে বিস্তারিত তুলে ধরেছেন সংশ্লিষ্ট কর্মকর্তারা। তাঁরা জানান, প্রস্তাবিত রুটগুলোর কারিগরি সমীক্ষা চলছে। পণ্য ও যাত্রী পরিবহনে নতুন সুযোগ সৃষ্টি হবে বলে আশা করা হচ্ছে।

বাংলাদেশের ভেতর দিয়ে ভারতের রেল চলাচলের বিষয়ে বিস্তারিত তুলে ধরেছেন সংশ্লিষ্ট কর্মকর্তারা। তাঁরা জানান, প্রস্তাবিত রুটগুলোর কারিগরি সমীক্ষা চলছে। পণ্য ও যাত্রী পরিবহনে নতুন সুযোগ সৃষ্টি হবে বলে আশা করা হচ্ছে।

বাংলাদেশের ভেতর দিয়ে ভারতের রেল চলাচলের বিষয়ে বিস্তারিত তুলে ধরেছেন সংশ্লিষ্ট কর্মকর্তারা। তাঁরা জানান, প্রস্তাবিত রুটগুলোর কারিগরি সমীক্ষা চলছে। পণ্য ও যাত্রী পরিবহনে নতুন সুযোগ সৃষ্টি হবে বলে আশা করা হচ্ছে।

বাংলাদেশের ভেতর দিয়ে ভারতের রেল চলাচলের বিষয়ে বিস্তারিত তুলে ধরেছেন সংশ্লিষ্ট কর্মকর্তারা। তাঁরা জানান, প্রস্তাবিত রুটগুলোর কারিগরি সমীক্ষা চলছে। পণ্য ও যাত্রী পরিবহনে নতুন সুযোগ সৃষ্টি হবে বলে আশা করা হচ্ছে।

বাংলাদেশের ভেতর দিয়ে ভারতের রেল চলাচলের বিষয়ে বিস্তারিত তুলে ধরেছেন সংশ্লিষ্ট কর্মকর্তারা। তাঁরা জানান, প্রস্তাবিত রুটগুলোর কারিগরি সমীক্ষা চলছে। পণ্য ও যাত্রী পরিবহনে নতুন সুযোগ সৃষ্টি হবে বলে আশা করা হচ্ছে।

বাংলাদেশের ভেতর দিয়ে ভারতের রেল চলাচলের বিষয়ে বিস্তারিত তুলে ধরেছেন সংশ্লিষ্ট কর্মকর্তারা। তাঁরা জানান, প্রস্তাবিত রুটগুলোর কারিগরি সমীক্ষা চলছে। পণ্য ও যাত্রী পরিবহনে নতুন সুযোগ সৃষ্টি হবে বলে আশা করা হচ্ছে।

ইসরায়েলি হামলায়

গাজায় ইসরায়েলি হামলায় আরও বহু ফিলিস্তিনি নিহত হয়েছেন। স্বাস্থ্য মন্ত্রণালয় জানিয়েছে, নিহতদের মধ্যে নারী ও শিশুর সংখ্যাই বেশি। আন্তর্জাতিক সম্প্রদায় অবিলম্বে যুদ্ধবিরতির আহ্বান জানিয়েছে।

গাজায় ইসরায়েলি হামলায় আরও বহু ফিলিস্তিনি নিহত হয়েছেন। স্বাস্থ্য মন্ত্রণালয় জানিয়েছে, নিহতদের মধ্যে নারী ও শিশুর সংখ্যাই বেশি। আন্তর্জাতিক সম্প্রদায় অবিলম্বে যুদ্ধবিরতির আহ্বান জানিয়েছে।

গাজায় ইসরায়েলি হামলায় আরও বহু ফিলিস্তিনি নিহত হয়েছেন। স্বাস্থ্য মন্ত্রণালয় জানিয়েছে, নিহতদের মধ্যে নারী ও শিশুর সংখ্যাই বেশি। আন্তর্জাতিক সম্প্রদায় অবিলম্বে যুদ্ধবিরতির আহ্বান জানিয়েছে।

বঙ্গবন্ধুর সমাধিতে

জাতির পিতা বঙ্গবন্ধু শেখ মুজিবুর রহমানের সমাধিতে শ্রদ্ধা নিবেদন করেছেন দলের নেতাকর্মীরা। পুষ্পস্তবক অর্পণ শেষে ফাতেহা পাঠ ও বিশেষ মোনাজাত করা হয়।

জাতির পিতা বঙ্গবন্ধু শেখ মুজিবুর রহমানের সমাধিতে শ্রদ্ধা নিবেদন করেছেন দলের নেতাকর্মীরা। পুষ্পস্তবক অর্পণ শেষে ফাতেহা পাঠ ও বিশেষ মোনাজাত করা হয়।
